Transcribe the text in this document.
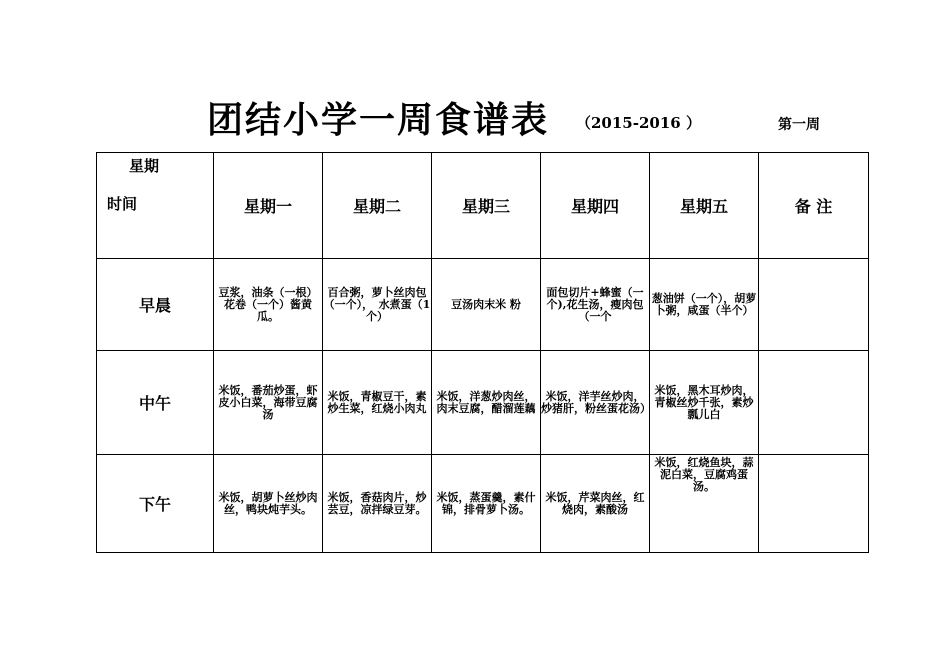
团结小学一周食谱表 （2015-2016 ）	第一周
星期
时间	星期一	星期二	星期三	星期四	星期五	备 注
早晨	豆浆，油条（一根）花卷（一个）酱黄瓜。	百合粥，萝卜丝肉包（一个），　水煮蛋（1个）	豆汤肉末米 粉	面包切片+蜂蜜（一个),花生汤，瘦肉包（一个	葱油饼（一个），胡萝卜粥，咸蛋（半个）	
中午	米饭，番茄炒蛋，虾皮小白菜，海带豆腐汤	米饭，青椒豆干，素炒生菜，红烧小肉丸	米饭，洋葱炒肉丝，肉末豆腐，醋溜莲藕	米饭，洋芋丝炒肉，炒猪肝，粉丝蛋花汤）	米饭，黑木耳炒肉，青椒丝炒千张，素炒瓢儿白	
下午	米饭，胡萝卜丝炒肉丝，鸭块炖芋头。	米饭，香菇肉片，炒芸豆，凉拌绿豆芽。	米饭，蒸蛋羹，素什锦，排骨萝卜汤。	米饭，芹菜肉丝，红烧肉，素酸汤	米饭，红烧鱼块，蒜泥白菜，豆腐鸡蛋汤。	
